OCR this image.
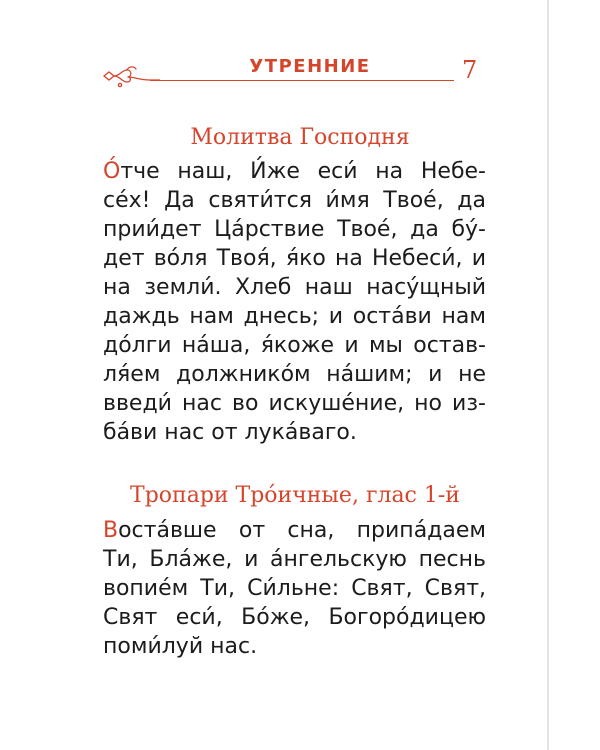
УТРЕННИЕ	7
Молитва Господня
О́тче наш, И́же еси́ на Небе-
се́х! Да святи́тся и́мя Твое́, да
прии́дет Ца́рствие Твое́, да бу́-
дет во́ля Твоя́, я́ко на Небеси́, и
на земли́. Хлеб наш насу́щный
даждь нам днесь; и оста́ви нам
до́лги на́ша, я́коже и мы остав-
ля́ем должнико́м на́шим; и не
введи́ нас во искуше́ние, но из-
ба́ви нас от лука́ваго.
Тропари Тро́ичные, глас 1-й
Воста́вше от сна, припа́даем
Ти, Бла́же, и а́нгельскую песнь
вопие́м Ти, Си́льне: Свят, Свят,
Свят еси́, Бо́же, Богоро́дицею
поми́луй нас.
